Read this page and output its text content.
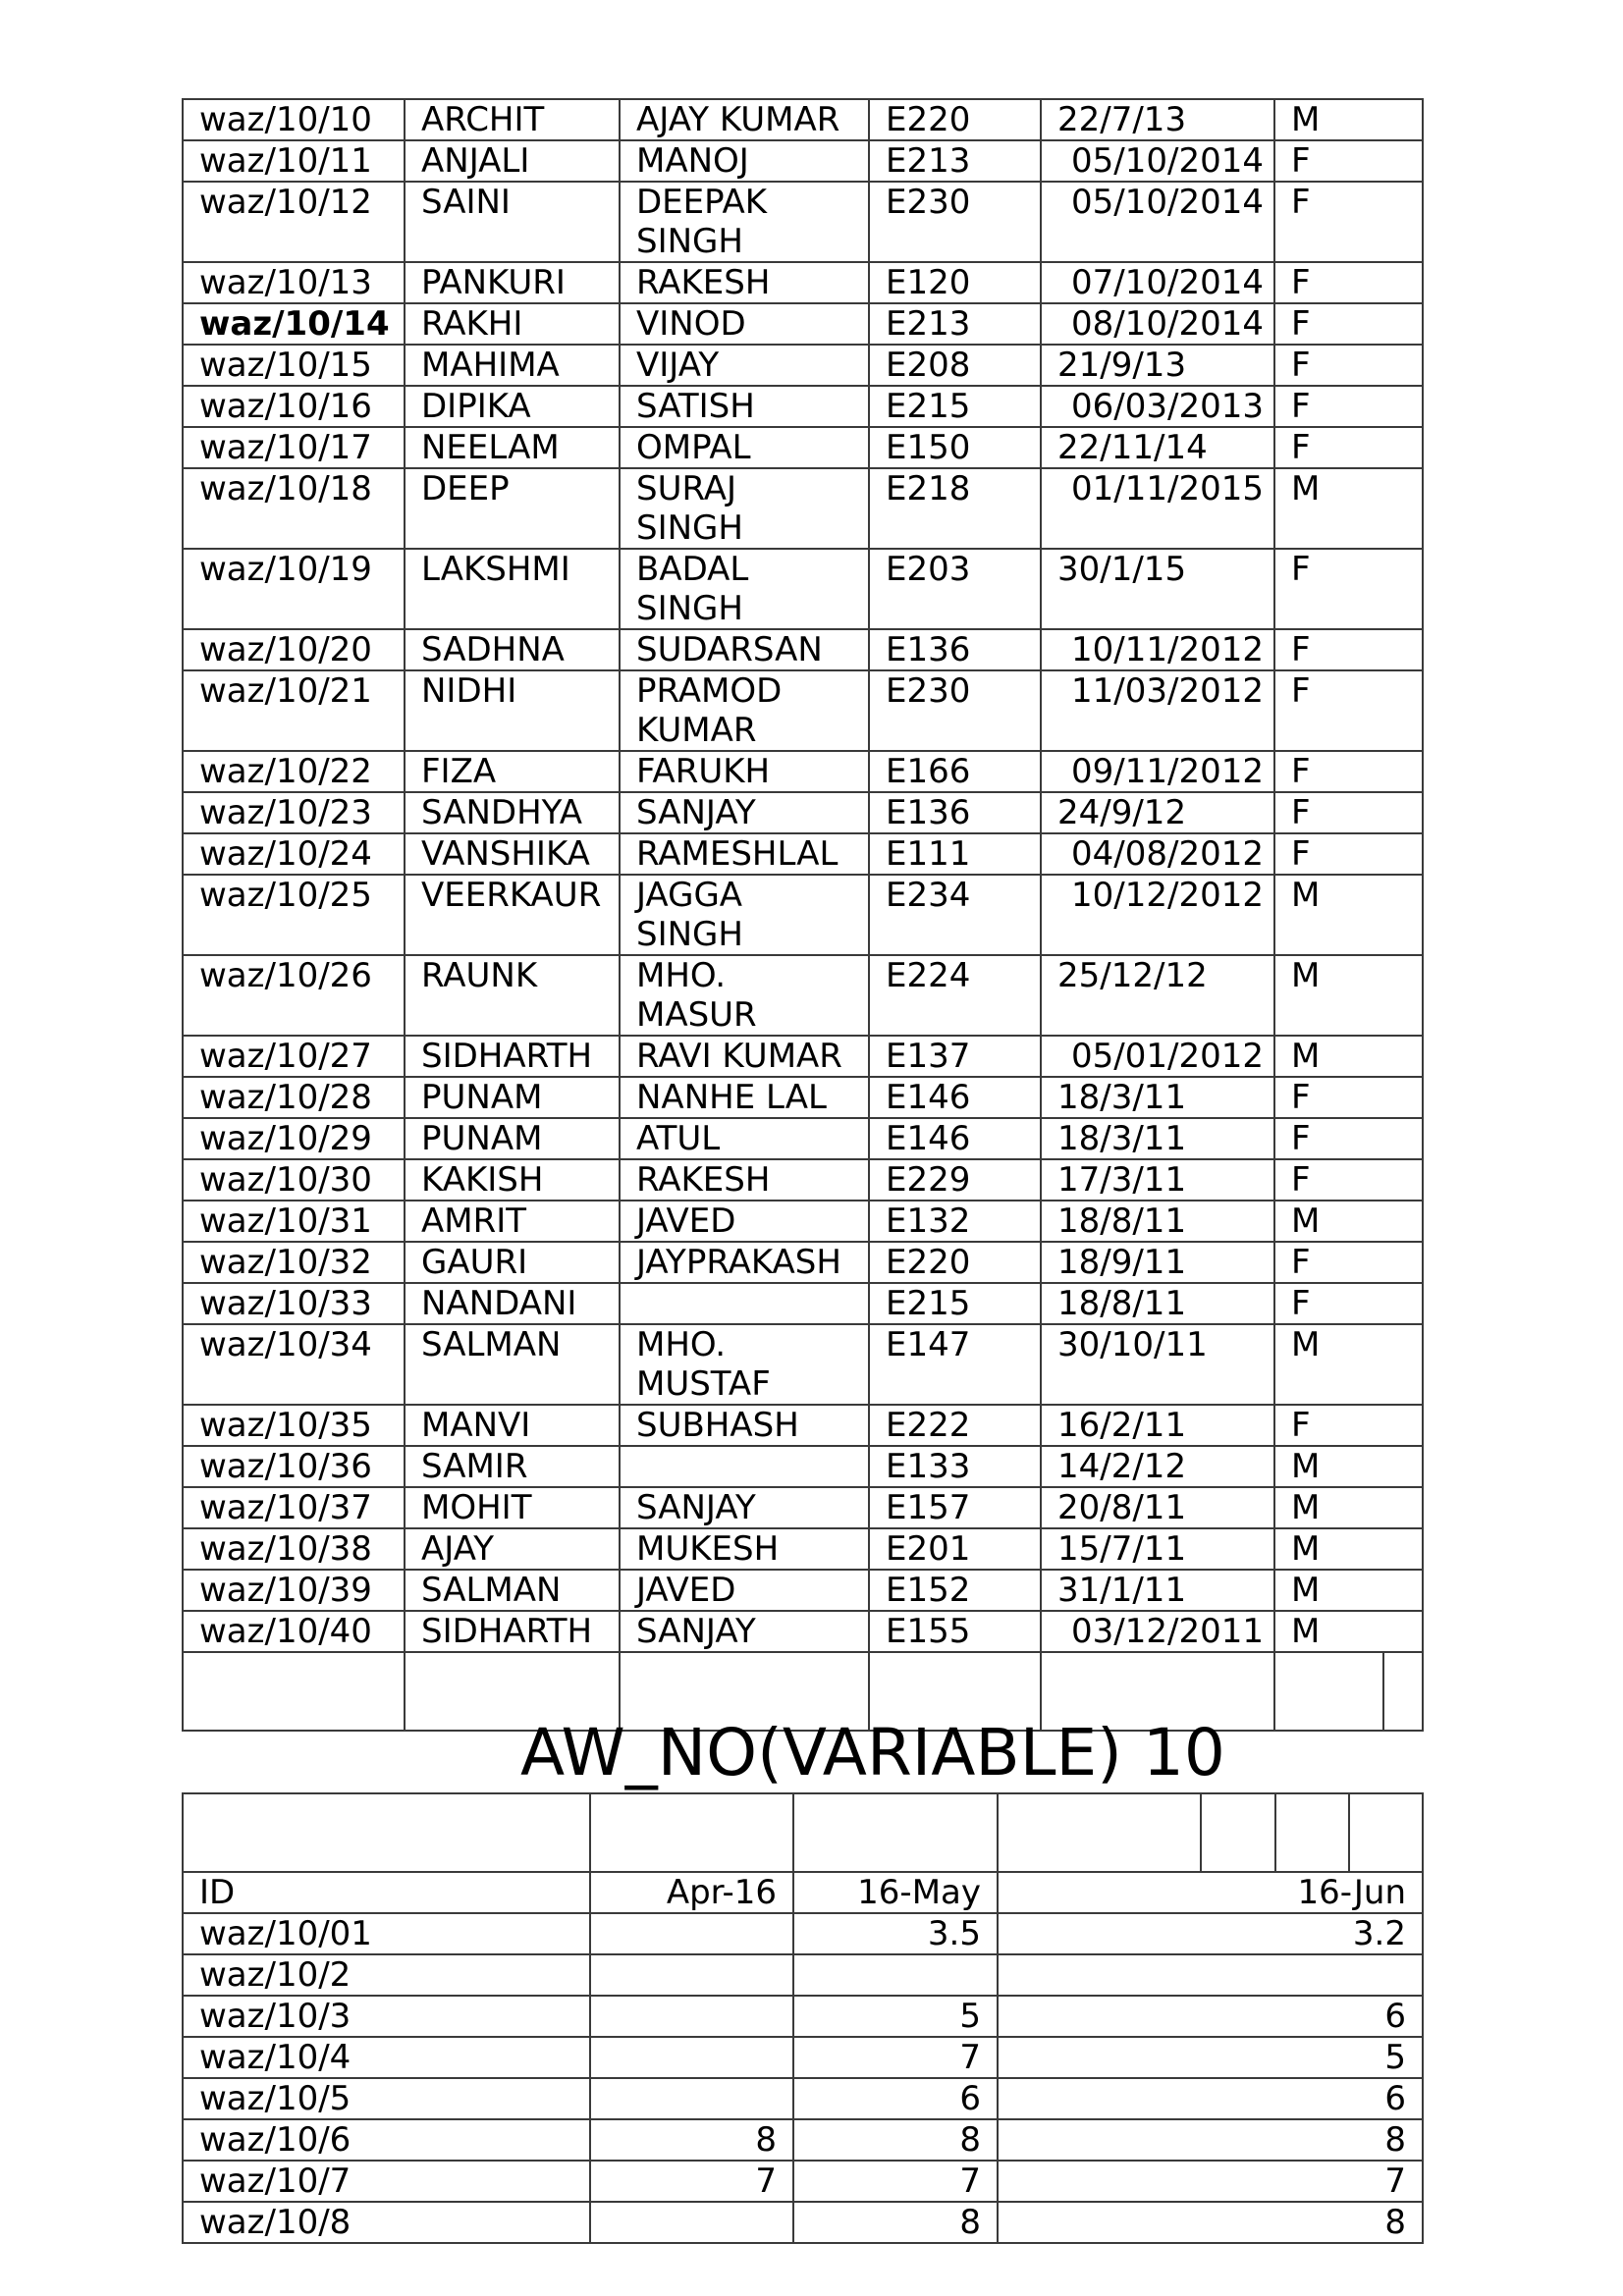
waz/10/10	ARCHIT	AJAY KUMAR	E220	22/7/13	M	
waz/10/11	ANJALI	MANOJ	E213	05/10/2014	F	
waz/10/12	SAINI	DEEPAK SINGH	E230	05/10/2014	F	
waz/10/13	PANKURI	RAKESH	E120	07/10/2014	F	
waz/10/14	RAKHI	VINOD	E213	08/10/2014	F	
waz/10/15	MAHIMA	VIJAY	E208	21/9/13	F	
waz/10/16	DIPIKA	SATISH	E215	06/03/2013	F	
waz/10/17	NEELAM	OMPAL	E150	22/11/14	F	
waz/10/18	DEEP	SURAJ SINGH	E218	01/11/2015	M	
waz/10/19	LAKSHMI	BADAL SINGH	E203	30/1/15	F	
waz/10/20	SADHNA	SUDARSAN	E136	10/11/2012	F	
waz/10/21	NIDHI	PRAMOD KUMAR	E230	11/03/2012	F	
waz/10/22	FIZA	FARUKH	E166	09/11/2012	F	
waz/10/23	SANDHYA	SANJAY	E136	24/9/12	F	
waz/10/24	VANSHIKA	RAMESHLAL	E111	04/08/2012	F	
waz/10/25	VEERKAUR	JAGGA SINGH	E234	10/12/2012	M	
waz/10/26	RAUNK	MHO. MASUR	E224	25/12/12	M	
waz/10/27	SIDHARTH	RAVI KUMAR	E137	05/01/2012	M	
waz/10/28	PUNAM	NANHE LAL	E146	18/3/11	F	
waz/10/29	PUNAM	ATUL	E146	18/3/11	F	
waz/10/30	KAKISH	RAKESH	E229	17/3/11	F	
waz/10/31	AMRIT	JAVED	E132	18/8/11	M	
waz/10/32	GAURI	JAYPRAKASH	E220	18/9/11	F	
waz/10/33	NANDANI		E215	18/8/11	F	
waz/10/34	SALMAN	MHO. MUSTAF	E147	30/10/11	M	
waz/10/35	MANVI	SUBHASH	E222	16/2/11	F	
waz/10/36	SAMIR		E133	14/2/12	M	
waz/10/37	MOHIT	SANJAY	E157	20/8/11	M	
waz/10/38	AJAY	MUKESH	E201	15/7/11	M	
waz/10/39	SALMAN	JAVED	E152	31/1/11	M	
waz/10/40	SIDHARTH	SANJAY	E155	03/12/2011	M	

AW_NO(VARIABLE) 10

ID	Apr-16	16-May	16-Jun			
waz/10/01		3.5	3.2			
waz/10/2						
waz/10/3		5	6			
waz/10/4		7	5			
waz/10/5		6	6			
waz/10/6	8	8	8			
waz/10/7	7	7	7			
waz/10/8		8	8			
